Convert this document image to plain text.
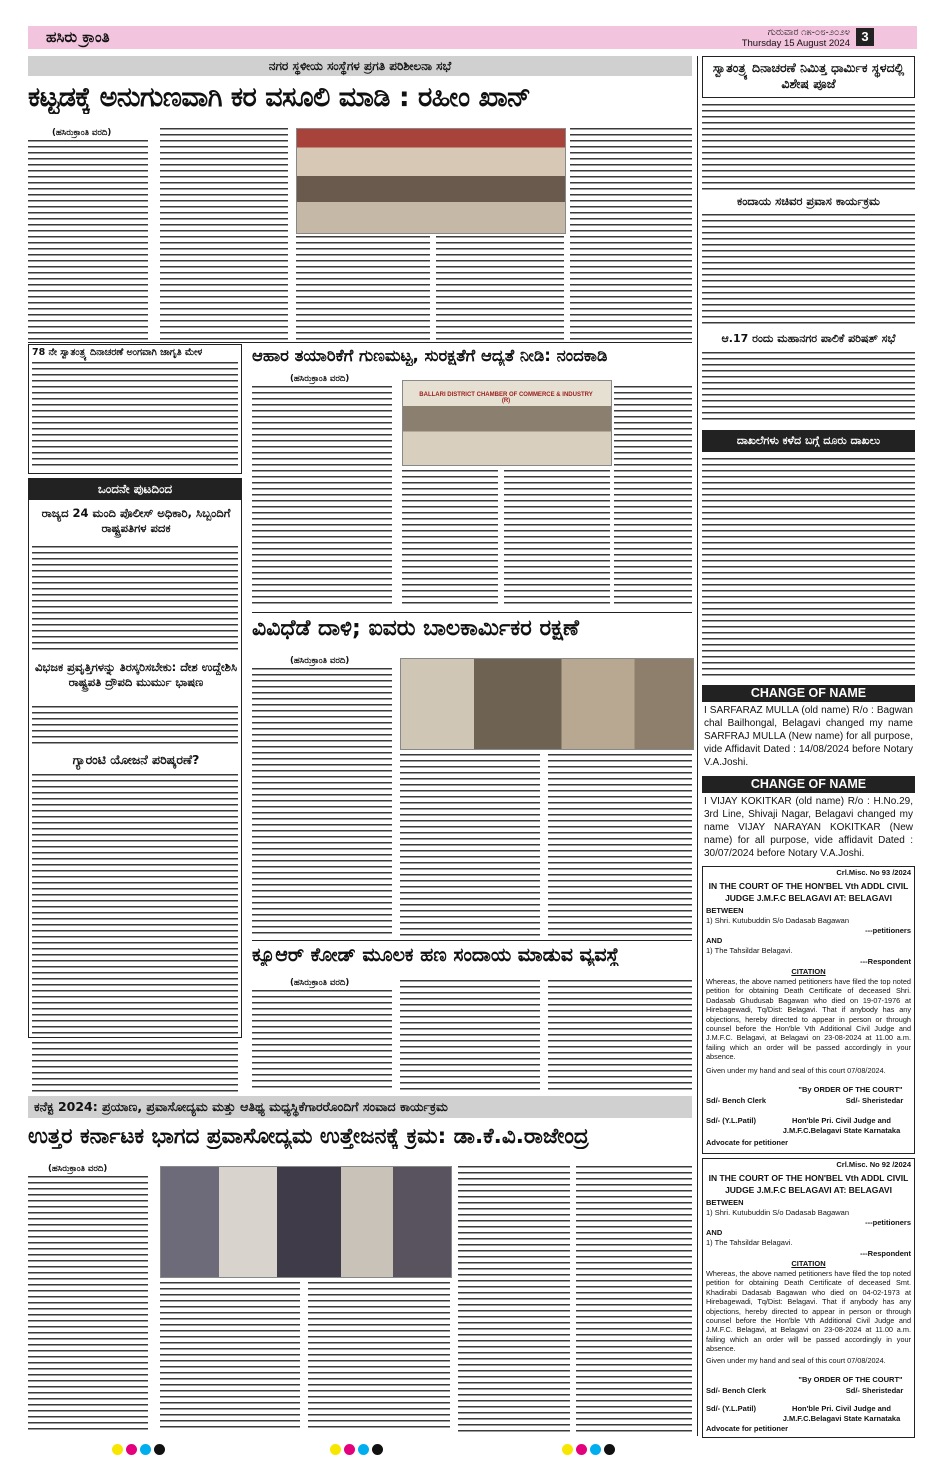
ಹಸಿರು ಕ್ರಾಂತಿ	ಗುರುವಾರ ೧೫-೦೮-೨೦೨೪
Thursday 15 August 2024 3
ನಗರ ಸ್ಥಳೀಯ ಸಂಸ್ಥೆಗಳ ಪ್ರಗತಿ ಪರಿಶೀಲನಾ ಸಭೆ
ಕಟ್ಟಡಕ್ಕೆ ಅನುಗುಣವಾಗಿ ಕರ ವಸೂಲಿ ಮಾಡಿ : ರಹೀಂ ಖಾನ್
(ಹಸಿರುಕ್ರಾಂತಿ ವರದಿ)
78 ನೇ ಸ್ವಾತಂತ್ರ್ಯ ದಿನಾಚರಣೆ ಅಂಗವಾಗಿ ಜಾಗೃತಿ ಮೇಳ	ಆಹಾರ ತಯಾರಿಕೆಗೆ ಗುಣಮಟ್ಟ, ಸುರಕ್ಷತೆಗೆ ಆದ್ಯತೆ ನೀಡಿ: ನಂದಕಾಡಿ
(ಹಸಿರುಕ್ರಾಂತಿ ವರದಿ)
BALLARI DISTRICT CHAMBER OF COMMERCE & INDUSTRY (R)
ಒಂದನೇ ಪುಟದಿಂದ
ರಾಜ್ಯದ 24 ಮಂದಿ ಪೊಲೀಸ್ ಅಧಿಕಾರಿ, ಸಿಬ್ಬಂದಿಗೆ ರಾಷ್ಟ್ರಪತಿಗಳ ಪದಕ
ವಿಭಜಕ ಪ್ರವೃತ್ತಿಗಳನ್ನು ತಿರಸ್ಕರಿಸಬೇಕು: ದೇಶ ಉದ್ದೇಶಿಸಿ ರಾಷ್ಟ್ರಪತಿ ದ್ರೌಪದಿ ಮುರ್ಮು ಭಾಷಣ
ಗ್ಯಾರಂಟಿ ಯೋಜನೆ ಪರಿಷ್ಕರಣೆ?
ವಿವಿಧೆಡೆ ದಾಳಿ; ಐವರು ಬಾಲಕಾರ್ಮಿಕರ ರಕ್ಷಣೆ
(ಹಸಿರುಕ್ರಾಂತಿ ವರದಿ)
ಕ್ಯೂಆರ್ ಕೋಡ್ ಮೂಲಕ ಹಣ ಸಂದಾಯ ಮಾಡುವ ವ್ಯವಸ್ಥೆ
(ಹಸಿರುಕ್ರಾಂತಿ ವರದಿ)
ಕನೆಕ್ಟ 2024: ಪ್ರಯಾಣ, ಪ್ರವಾಸೋದ್ಯಮ ಮತ್ತು ಆತಿಥ್ಯ ಮಧ್ಯಸ್ಥಿಕೆಗಾರರೊಂದಿಗೆ ಸಂವಾದ ಕಾರ್ಯಕ್ರಮ
ಉತ್ತರ ಕರ್ನಾಟಕ ಭಾಗದ ಪ್ರವಾಸೋದ್ಯಮ ಉತ್ತೇಜನಕ್ಕೆ ಕ್ರಮ: ಡಾ.ಕೆ.ವಿ.ರಾಜೇಂದ್ರ
(ಹಸಿರುಕ್ರಾಂತಿ ವರದಿ)
ಸ್ವಾತಂತ್ರ್ಯ ದಿನಾಚರಣೆ ನಿಮಿತ್ತ ಧಾರ್ಮಿಕ ಸ್ಥಳದಲ್ಲಿ ವಿಶೇಷ ಪೂಜೆ
ಕಂದಾಯ ಸಚಿವರ ಪ್ರವಾಸ ಕಾರ್ಯಕ್ರಮ
ಆ.17 ರಂದು ಮಹಾನಗರ ಪಾಲಿಕೆ ಪರಿಷತ್ ಸಭೆ
ದಾಖಲೆಗಳು ಕಳೆದ ಬಗ್ಗೆ ದೂರು ದಾಖಲು
CHANGE OF NAME
I SARFARAZ MULLA (old name) R/o : Bagwan chal Bailhongal, Belagavi changed my name SARFRAJ MULLA (New name) for all purpose, vide Affidavit Dated : 14/08/2024 before Notary V.A.Joshi.
CHANGE OF NAME
I VIJAY KOKITKAR (old name) R/o : H.No.29, 3rd Line, Shivaji Nagar, Belagavi changed my name VIJAY NARAYAN KOKITKAR (New name) for all purpose, vide affidavit Dated : 30/07/2024 before Notary V.A.Joshi.
Crl.Misc. No 93 /2024
IN THE COURT OF THE HON'BEL Vth ADDL CIVIL JUDGE J.M.F.C BELAGAVI AT: BELAGAVI
BETWEEN
1) Shri. Kutubuddin S/o Dadasab Bagawan
---petitioners
AND
1) The Tahsildar Belagavi.
---Respondent
CITATION
Whereas, the above named petitioners have filed the top noted petition for obtaining Death Certificate of deceased Shri. Dadasab Ghudusab Bagawan who died on 19-07-1976 at Hirebagewadi, Tq/Dist: Belagavi. That if anybody has any objections, hereby directed to appear in person or through counsel before the Hon'ble Vth Additional Civil Judge and J.M.F.C. Belagavi, at Belagavi on 23-08-2024 at 11.00 a.m. failing which an order will be passed accordingly in your absence.
Given under my hand and seal of this court 07/08/2024.
"By ORDER OF THE COURT"
Sd/- Bench Clerk	Sd/- Sheristedar
Sd/- (Y.L.Patil)	Hon'ble Pri. Civil Judge and J.M.F.C.Belagavi State Karnataka
Advocate for petitioner
Crl.Misc. No 92 /2024
IN THE COURT OF THE HON'BEL Vth ADDL CIVIL JUDGE J.M.F.C BELAGAVI AT: BELAGAVI
BETWEEN
1) Shri. Kutubuddin S/o Dadasab Bagawan
---petitioners
AND
1) The Tahsildar Belagavi.
---Respondent
CITATION
Whereas, the above named petitioners have filed the top noted petition for obtaining Death Certificate of deceased Smt. Khadirabi Dadasab Bagawan who died on 04-02-1973 at Hirebagewadi, Tq/Dist: Belagavi. That if anybody has any objections, hereby directed to appear in person or through counsel before the Hon'ble Vth Additional Civil Judge and J.M.F.C. Belagavi, at Belagavi on 23-08-2024 at 11.00 a.m. failing which an order will be passed accordingly in your absence.
Given under my hand and seal of this court 07/08/2024.
"By ORDER OF THE COURT"
Sd/- Bench Clerk	Sd/- Sheristedar
Sd/- (Y.L.Patil)	Hon'ble Pri. Civil Judge and J.M.F.C.Belagavi State Karnataka
Advocate for petitioner
